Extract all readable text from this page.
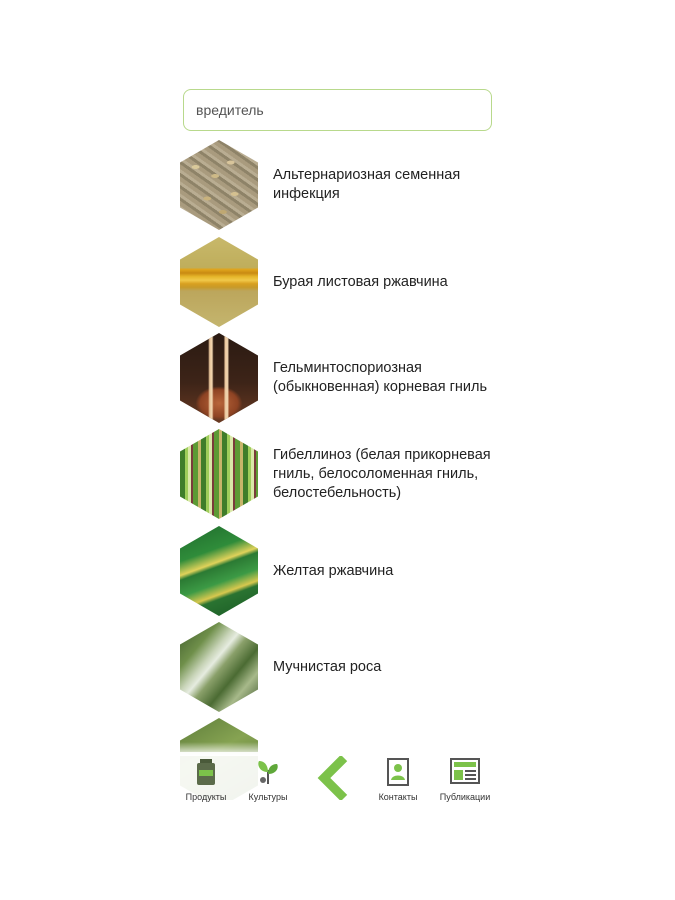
вредитель
Альтернариозная семенная инфекция
Бурая листовая ржавчина
Гельминтоспориозная (обыкновенная) корневая гниль
Гибеллиноз (белая прикорневая гниль, белосоломенная гниль, белостебельность)
Желтая ржавчина
Мучнистая роса
Продукты	Культуры	Контакты	Публикации
